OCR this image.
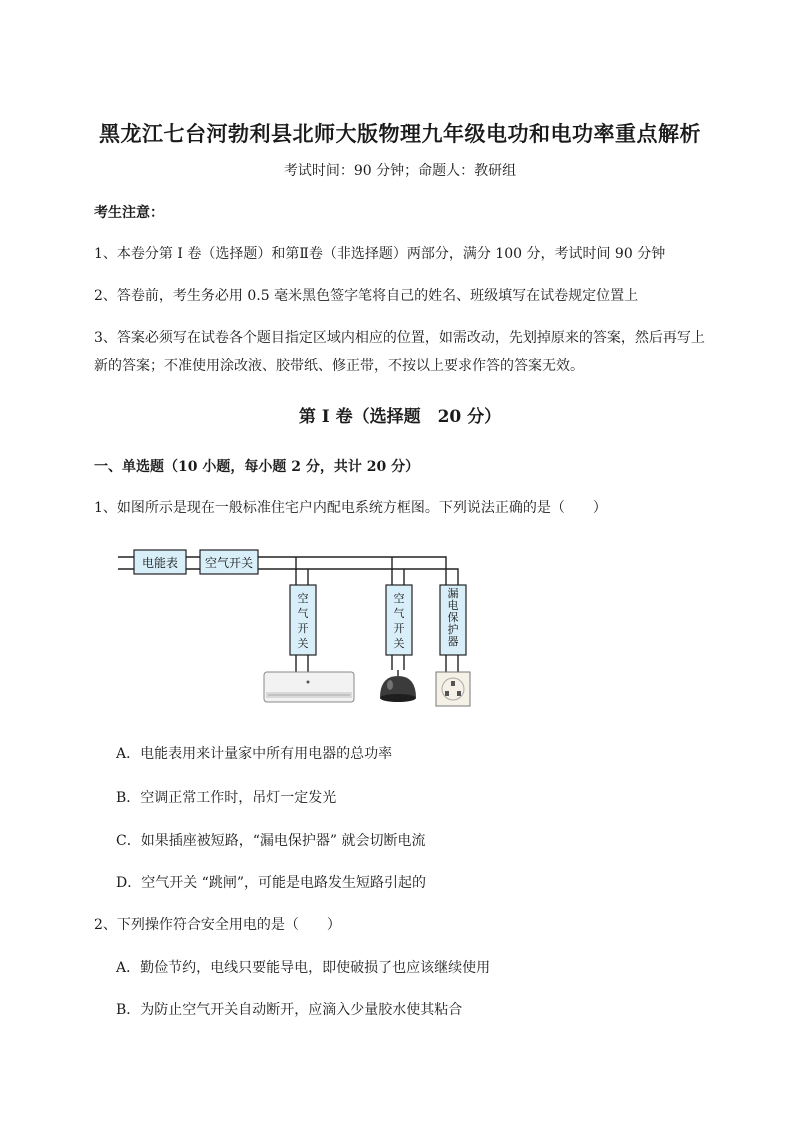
黑龙江七台河勃利县北师大版物理九年级电功和电功率重点解析
考试时间：90 分钟；命题人：教研组
考生注意：
1、本卷分第 I 卷（选择题）和第Ⅱ卷（非选择题）两部分，满分 100 分，考试时间 90 分钟
2、答卷前，考生务必用 0.5 毫米黑色签字笔将自己的姓名、班级填写在试卷规定位置上
3、答案必须写在试卷各个题目指定区域内相应的位置，如需改动，先划掉原来的答案，然后再写上新的答案；不准使用涂改液、胶带纸、修正带，不按以上要求作答的答案无效。
第 I 卷（选择题　20 分）
一、单选题（10 小题，每小题 2 分，共计 20 分）
1、如图所示是现在一般标准住宅户内配电系统方框图。下列说法正确的是（　　）
电能表 空气开关
空气开关
空气开关
漏电保护器
A．电能表用来计量家中所有用电器的总功率
B．空调正常工作时，吊灯一定发光
C．如果插座被短路，“漏电保护器” 就会切断电流
D．空气开关 “跳闸”，可能是电路发生短路引起的
2、下列操作符合安全用电的是（　　）
A．勤俭节约，电线只要能导电，即使破损了也应该继续使用
B．为防止空气开关自动断开，应滴入少量胶水使其粘合
